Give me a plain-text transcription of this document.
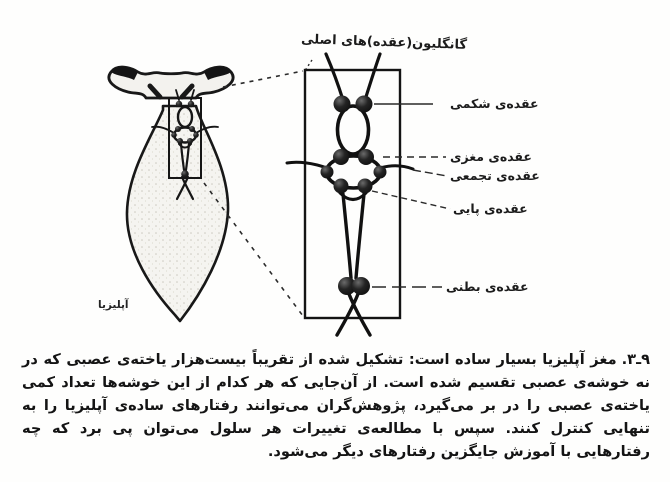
گانگلیون(عقده)های اصلی
عقده‌ی شکمی
عقده‌ی مغزی
عقده‌ی تجمعی
عقده‌ی پایی
عقده‌ی بطنی
آپلیزیا

۹ـ۳.مغز آپلیزیا بسیار ساده است: تشکیل شده از تقریباً بیست‌هزار یاخته‌ی عصبی که در نه خوشه‌ی عصبی تقسیم شده است. از آن‌جایی که هر کدام از این خوشه‌ها تعداد کمی یاخته‌ی عصبی را در بر می‌گیرد، پژوهش‌گران می‌توانند رفتارهای ساده‌ی آپلیزیا را به تنهایی کنترل کنند. سپس با مطالعه‌ی تغییرات هر سلول می‌توان پی برد که چه رفتارهایی با آموزش جایگزین رفتارهای دیگر می‌شود.
